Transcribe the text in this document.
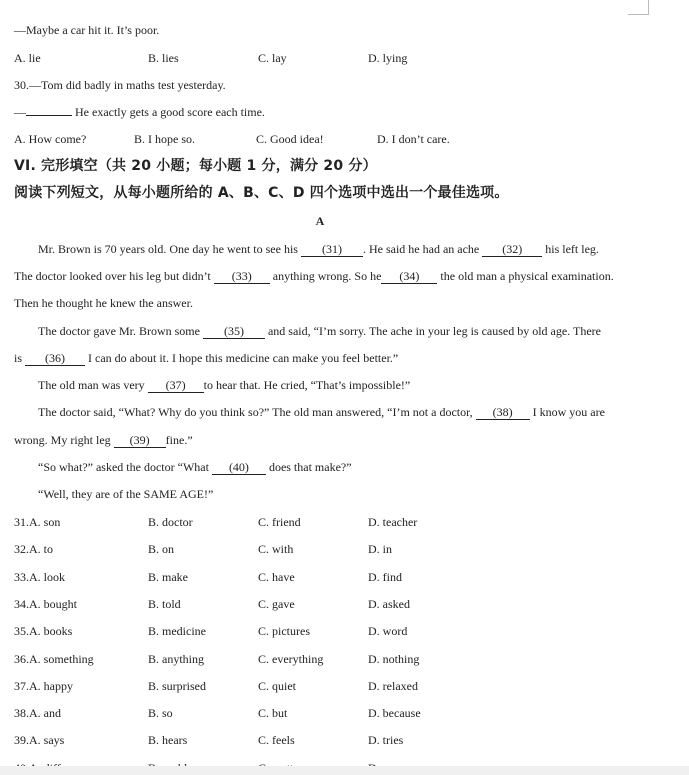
—Maybe a car hit it. It’s poor.
A. lie	B. lies	C. lay	D. lying
30.—Tom did badly in maths test yesterday.
—	He exactly gets a good score each time.
A. How come?	B. I hope so.	C. Good idea!	D. I don’t care.
VI. 完形填空（共 20 小题；每小题 1 分，满分 20 分）
阅读下列短文，从每小题所给的 A、B、C、D 四个选项中选出一个最佳选项。
A
Mr. Brown is 70 years old. One day he went to see his (31) . He said he had an ache (32) his left leg.
The doctor looked over his leg but didn’t (33) anything wrong. So he (34) the old man a physical examination.
Then he thought he knew the answer.
The doctor gave Mr. Brown some (35) and said, “I’m sorry. The ache in your leg is caused by old age. There
is (36) I can do about it. I hope this medicine can make you feel better.”
The old man was very (37) to hear that. He cried, “That’s impossible!”
The doctor said, “What? Why do you think so?” The old man answered, “I’m not a doctor, (38) I know you are
wrong. My right leg (39) fine.”
“So what?” asked the doctor “What (40) does that make?”
“Well, they are of the SAME AGE!”
31.A. son	B. doctor	C. friend	D. teacher
32.A. to	B. on	C. with	D. in
33.A. look	B. make	C. have	D. find
34.A. bought	B. told	C. gave	D. asked
35.A. books	B. medicine	C. pictures	D. word
36.A. something	B. anything	C. everything	D. nothing
37.A. happy	B. surprised	C. quiet	D. relaxed
38.A. and	B. so	C. but	D. because
39.A. says	B. hears	C. feels	D. tries
